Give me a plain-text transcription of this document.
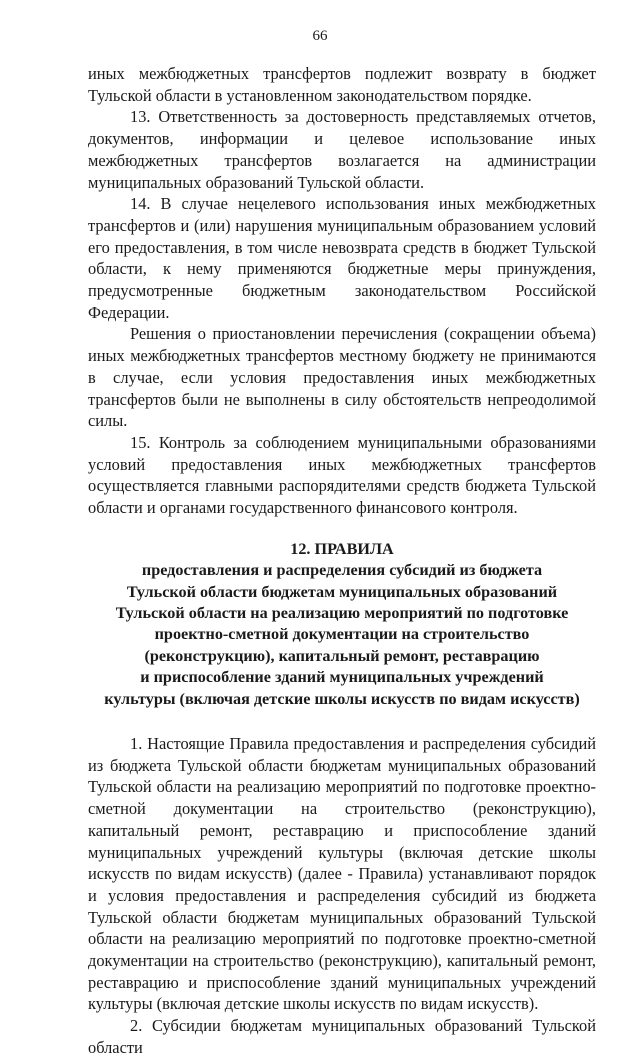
66

иных межбюджетных трансфертов подлежит возврату в бюджет Тульской области в установленном законодательством порядке.

13. Ответственность за достоверность представляемых отчетов, документов, информации и целевое использование иных межбюджетных трансфертов возлагается на администрации муниципальных образований Тульской области.

14. В случае нецелевого использования иных межбюджетных трансфертов и (или) нарушения муниципальным образованием условий его предоставления, в том числе невозврата средств в бюджет Тульской области, к нему применяются бюджетные меры принуждения, предусмотренные бюджетным законодательством Российской Федерации.

Решения о приостановлении перечисления (сокращении объема) иных межбюджетных трансфертов местному бюджету не принимаются в случае, если условия предоставления иных межбюджетных трансфертов были не выполнены в силу обстоятельств непреодолимой силы.

15. Контроль за соблюдением муниципальными образованиями условий предоставления иных межбюджетных трансфертов осуществляется главными распорядителями средств бюджета Тульской области и органами государственного финансового контроля.

12. ПРАВИЛА
предоставления и распределения субсидий из бюджета
Тульской области бюджетам муниципальных образований
Тульской области на реализацию мероприятий по подготовке
проектно-сметной документации на строительство
(реконструкцию), капитальный ремонт, реставрацию
и приспособление зданий муниципальных учреждений
культуры (включая детские школы искусств по видам искусств)

1. Настоящие Правила предоставления и распределения субсидий из бюджета Тульской области бюджетам муниципальных образований Тульской области на реализацию мероприятий по подготовке проектно-сметной документации на строительство (реконструкцию), капитальный ремонт, реставрацию и приспособление зданий муниципальных учреждений культуры (включая детские школы искусств по видам искусств) (далее - Правила) устанавливают порядок и условия предоставления и распределения субсидий из бюджета Тульской области бюджетам муниципальных образований Тульской области на реализацию мероприятий по подготовке проектно-сметной документации на строительство (реконструкцию), капитальный ремонт, реставрацию и приспособление зданий муниципальных учреждений культуры (включая детские школы искусств по видам искусств).

2. Субсидии бюджетам муниципальных образований Тульской области
